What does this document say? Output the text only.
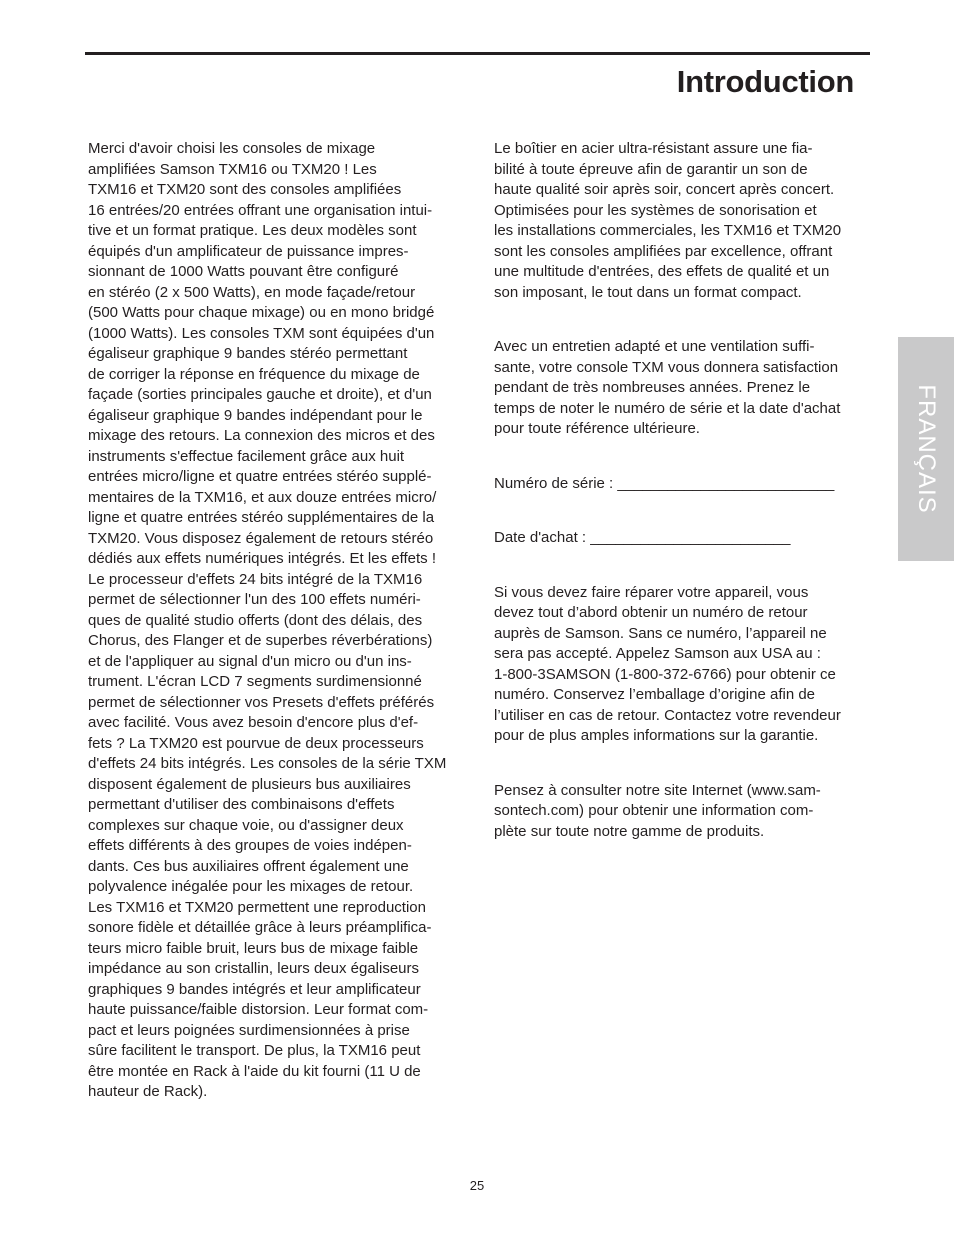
Introduction

Merci d'avoir choisi les consoles de mixage
amplifiées Samson TXM16 ou TXM20 ! Les
TXM16 et TXM20 sont des consoles amplifiées
16 entrées/20 entrées offrant une organisation intui-
tive et un format pratique. Les deux modèles sont
équipés d'un amplificateur de puissance impres-
sionnant de 1000 Watts pouvant être configuré
en stéréo (2 x 500 Watts), en mode façade/retour
(500 Watts pour chaque mixage) ou en mono bridgé
(1000 Watts). Les consoles TXM sont équipées d'un
égaliseur graphique 9 bandes stéréo permettant
de corriger la réponse en fréquence du mixage de
façade (sorties principales gauche et droite), et d'un
égaliseur graphique 9 bandes indépendant pour le
mixage des retours. La connexion des micros et des
instruments s'effectue facilement grâce aux huit
entrées micro/ligne et quatre entrées stéréo supplé-
mentaires de la TXM16, et aux douze entrées micro/
ligne et quatre entrées stéréo supplémentaires de la
TXM20. Vous disposez également de retours stéréo
dédiés aux effets numériques intégrés. Et les effets !
Le processeur d'effets 24 bits intégré de la TXM16
permet de sélectionner l'un des 100 effets numéri-
ques de qualité studio offerts (dont des délais, des
Chorus, des Flanger et de superbes réverbérations)
et de l'appliquer au signal d'un micro ou d'un ins-
trument. L'écran LCD 7 segments surdimensionné
permet de sélectionner vos Presets d'effets préférés
avec facilité. Vous avez besoin d'encore plus d'ef-
fets ? La TXM20 est pourvue de deux processeurs
d'effets 24 bits intégrés. Les consoles de la série TXM
disposent également de plusieurs bus auxiliaires
permettant d'utiliser des combinaisons d'effets
complexes sur chaque voie, ou d'assigner deux
effets différents à des groupes de voies indépen-
dants. Ces bus auxiliaires offrent également une
polyvalence inégalée pour les mixages de retour.
Les TXM16 et TXM20 permettent une reproduction
sonore fidèle et détaillée grâce à leurs préamplifica-
teurs micro faible bruit, leurs bus de mixage faible
impédance au son cristallin, leurs deux égaliseurs
graphiques 9 bandes intégrés et leur amplificateur
haute puissance/faible distorsion. Leur format com-
pact et leurs poignées surdimensionnées à prise
sûre facilitent le transport. De plus, la TXM16 peut
être montée en Rack à l'aide du kit fourni (11 U de
hauteur de Rack).

Le boîtier en acier ultra-résistant assure une fia-
bilité à toute épreuve afin de garantir un son de
haute qualité soir après soir, concert après concert.
Optimisées pour les systèmes de sonorisation et
les installations commerciales, les TXM16 et TXM20
sont les consoles amplifiées par excellence, offrant
une multitude d'entrées, des effets de qualité et un
son imposant, le tout dans un format compact.

Avec un entretien adapté et une ventilation suffi-
sante, votre console TXM vous donnera satisfaction
pendant de très nombreuses années. Prenez le
temps de noter le numéro de série et la date d'achat
pour toute référence ultérieure.

Numéro de série : __________________________

Date d'achat : ________________________

Si vous devez faire réparer votre appareil, vous
devez tout d’abord obtenir un numéro de retour
auprès de Samson. Sans ce numéro, l’appareil ne
sera pas accepté. Appelez Samson aux USA au :
1-800-3SAMSON (1-800-372-6766) pour obtenir ce
numéro. Conservez l’emballage d’origine afin de
l’utiliser en cas de retour. Contactez votre revendeur
pour de plus amples informations sur la garantie.

Pensez à consulter notre site Internet (www.sam-
sontech.com) pour obtenir une information com-
plète sur toute notre gamme de produits.

FRANÇAIS
25
